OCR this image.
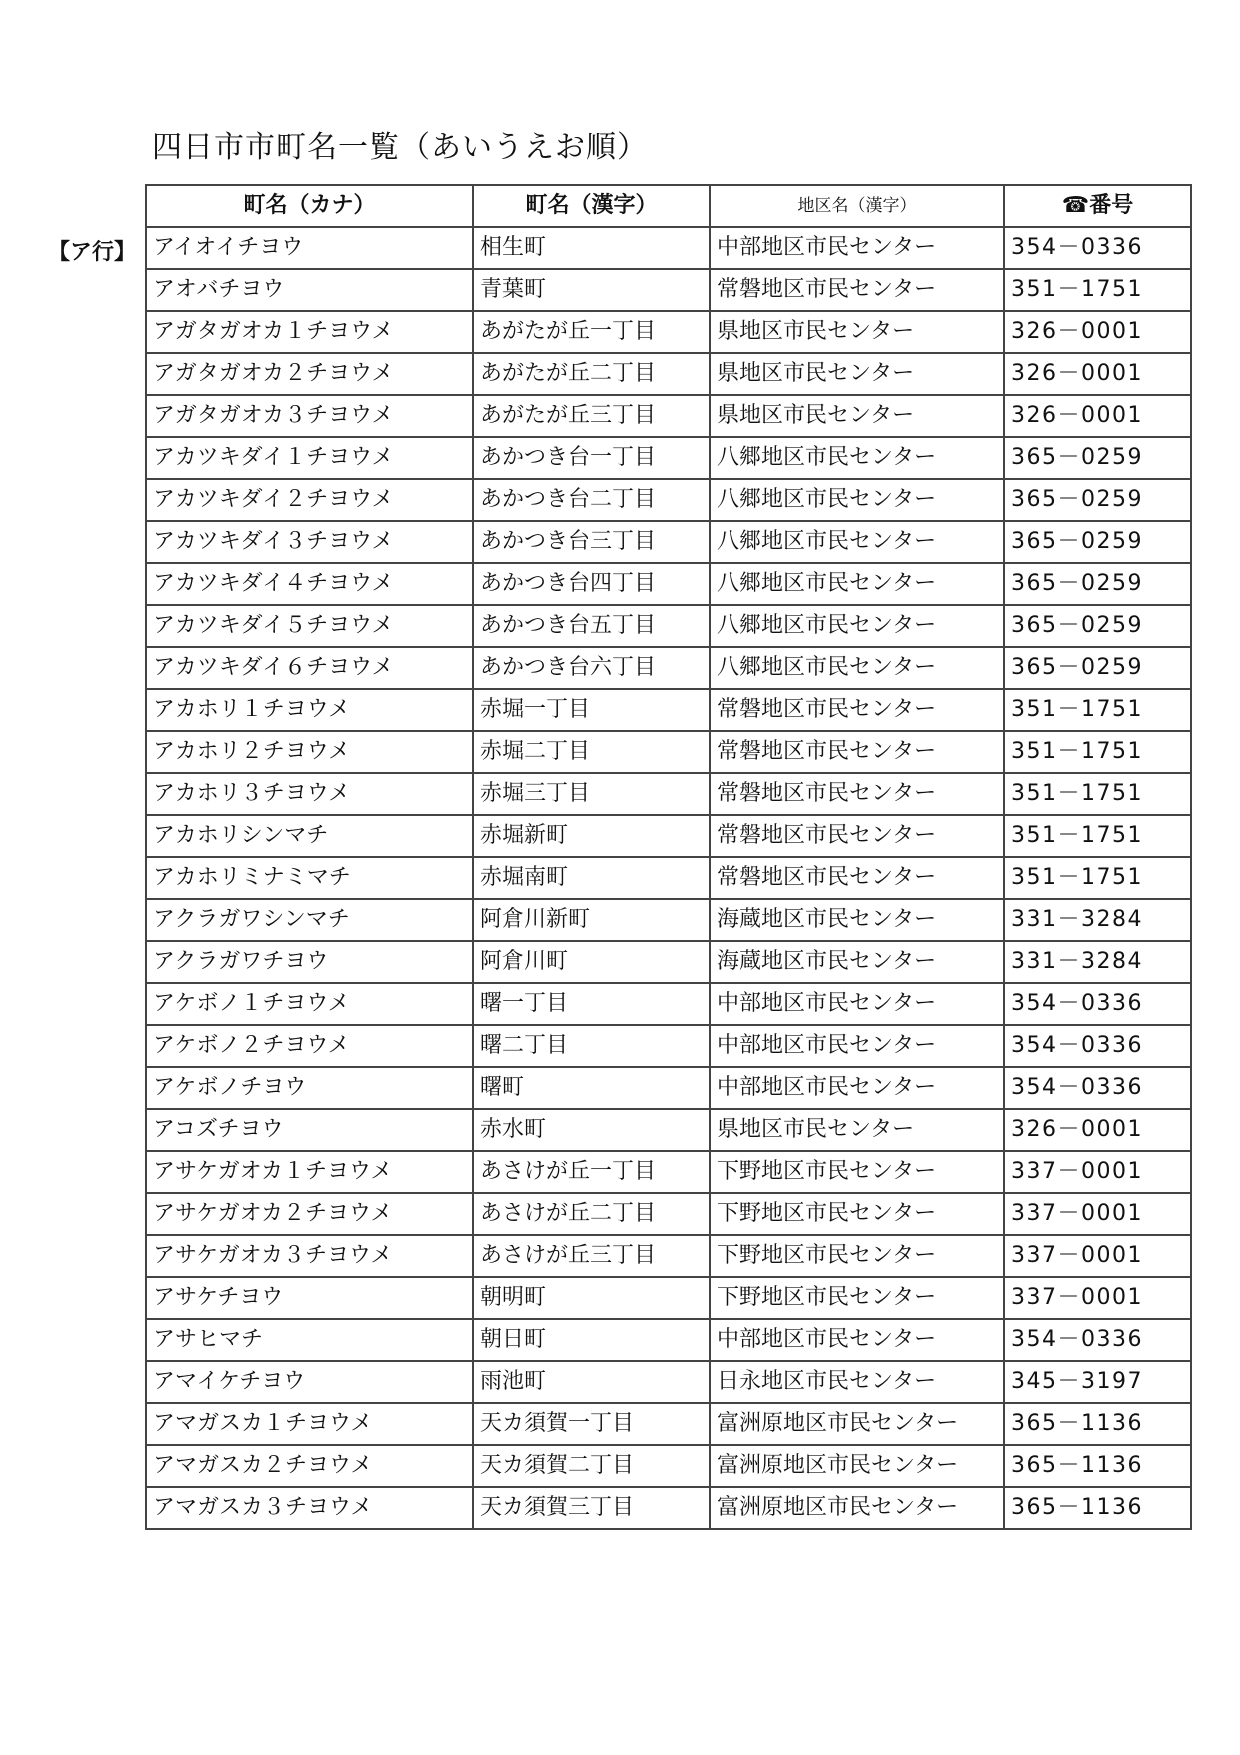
四日市市町名一覧（あいうえお順）
【ア行】
町名（カナ）	町名（漢字）	地区名（漢字）	☎番号
アイオイチヨウ	相生町	中部地区市民センター	354－0336
アオバチヨウ	青葉町	常磐地区市民センター	351－1751
アガタガオカ１チヨウメ	あがたが丘一丁目	県地区市民センター	326－0001
アガタガオカ２チヨウメ	あがたが丘二丁目	県地区市民センター	326－0001
アガタガオカ３チヨウメ	あがたが丘三丁目	県地区市民センター	326－0001
アカツキダイ１チヨウメ	あかつき台一丁目	八郷地区市民センター	365－0259
アカツキダイ２チヨウメ	あかつき台二丁目	八郷地区市民センター	365－0259
アカツキダイ３チヨウメ	あかつき台三丁目	八郷地区市民センター	365－0259
アカツキダイ４チヨウメ	あかつき台四丁目	八郷地区市民センター	365－0259
アカツキダイ５チヨウメ	あかつき台五丁目	八郷地区市民センター	365－0259
アカツキダイ６チヨウメ	あかつき台六丁目	八郷地区市民センター	365－0259
アカホリ１チヨウメ	赤堀一丁目	常磐地区市民センター	351－1751
アカホリ２チヨウメ	赤堀二丁目	常磐地区市民センター	351－1751
アカホリ３チヨウメ	赤堀三丁目	常磐地区市民センター	351－1751
アカホリシンマチ	赤堀新町	常磐地区市民センター	351－1751
アカホリミナミマチ	赤堀南町	常磐地区市民センター	351－1751
アクラガワシンマチ	阿倉川新町	海蔵地区市民センター	331－3284
アクラガワチヨウ	阿倉川町	海蔵地区市民センター	331－3284
アケボノ１チヨウメ	曙一丁目	中部地区市民センター	354－0336
アケボノ２チヨウメ	曙二丁目	中部地区市民センター	354－0336
アケボノチヨウ	曙町	中部地区市民センター	354－0336
アコズチヨウ	赤水町	県地区市民センター	326－0001
アサケガオカ１チヨウメ	あさけが丘一丁目	下野地区市民センター	337－0001
アサケガオカ２チヨウメ	あさけが丘二丁目	下野地区市民センター	337－0001
アサケガオカ３チヨウメ	あさけが丘三丁目	下野地区市民センター	337－0001
アサケチヨウ	朝明町	下野地区市民センター	337－0001
アサヒマチ	朝日町	中部地区市民センター	354－0336
アマイケチヨウ	雨池町	日永地区市民センター	345－3197
アマガスカ１チヨウメ	天カ須賀一丁目	富洲原地区市民センター	365－1136
アマガスカ２チヨウメ	天カ須賀二丁目	富洲原地区市民センター	365－1136
アマガスカ３チヨウメ	天カ須賀三丁目	富洲原地区市民センター	365－1136
